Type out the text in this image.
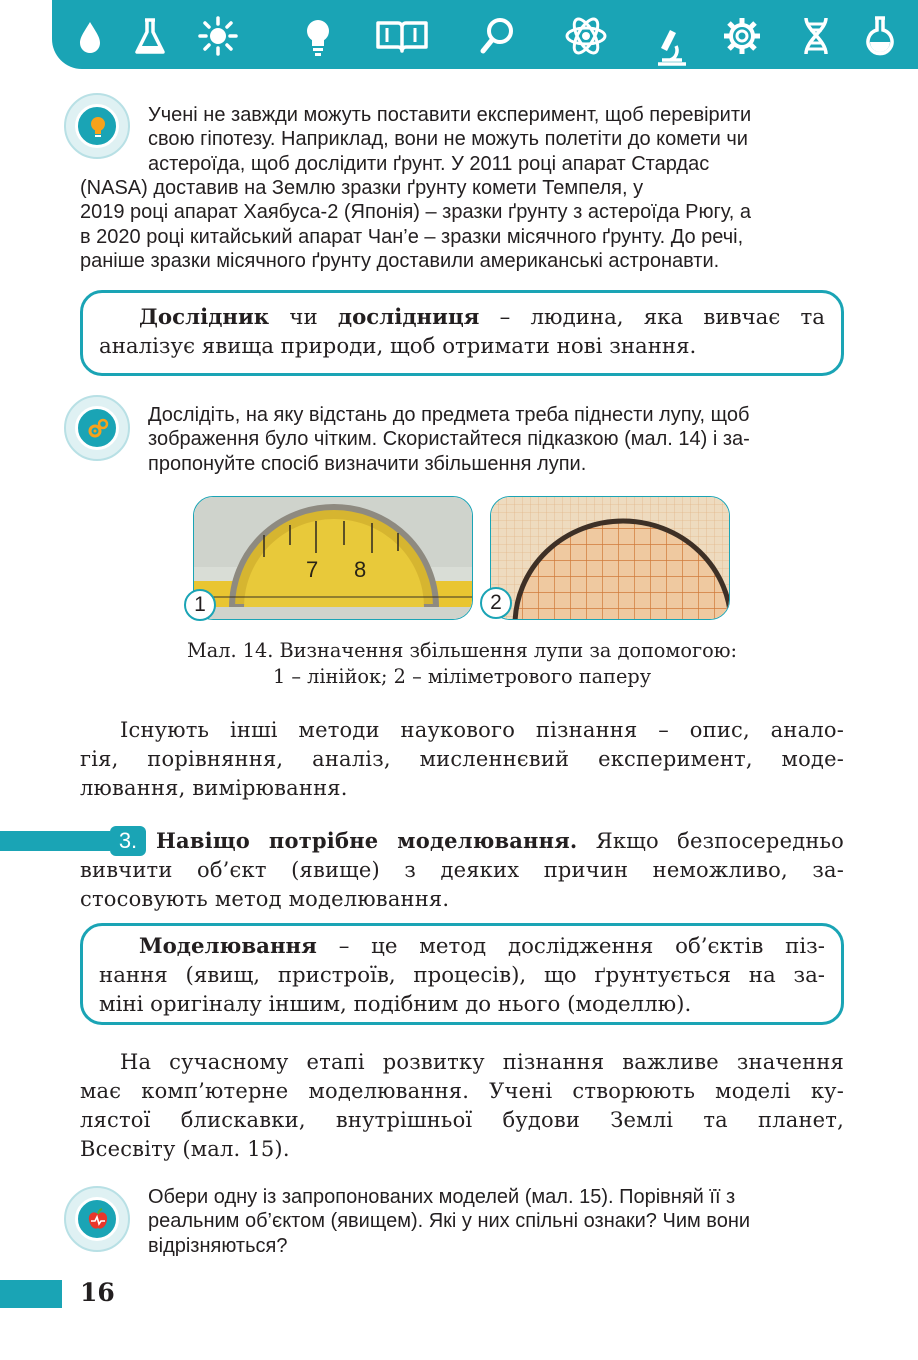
Учені не завжди можуть поставити експеримент, щоб перевірити

свою гіпотезу. Наприклад, вони не можуть полетіти до комети чи

астероїда, щоб дослідити ґрунт. У 2011 році апарат Стардас

(NASA) доставив на Землю зразки ґрунту комети Темпеля, у

2019 році апарат Хаябуса-2 (Японія) – зразки ґрунту з астероїда Рюгу, а

в 2020 році китайський апарат Чан’е – зразки місячного ґрунту. До речі,

раніше зразки місячного ґрунту доставили американські астронавти.

Дослідник чи дослідниця – людина, яка вивчає та
аналізує явища природи, щоб отримати нові знання.

Дослідіть, на яку відстань до предмета треба піднести лупу, щоб

зображення було чітким. Скористайтеся підказкою (мал. 14) і за-

пропонуйте спосіб визначити збільшення лупи.

7 8
1	2
Мал. 14. Визначення збільшення лупи за допомогою:
1 – лінійок; 2 – міліметрового паперу
Існують інші методи наукового пізнання – опис, анало-
гія, порівняння, аналіз, мисленнєвий експеримент, моде-
лювання, вимірювання.
3. Навіщо потрібне моделювання. Якщо безпосередньо
вивчити об’єкт (явище) з деяких причин неможливо, за-
стосовують метод моделювання.
Моделювання – це метод дослідження об’єктів піз-
нання (явищ, пристроїв, процесів), що ґрунтується на за-
міні оригіналу іншим, подібним до нього (моделлю).
На сучасному етапі розвитку пізнання важливе значення
має комп’ютерне моделювання. Учені створюють моделі ку-
лястої блискавки, внутрішньої будови Землі та планет,
Всесвіту (мал. 15).

Обери одну із запропонованих моделей (мал. 15). Порівняй її з

реальним об’єктом (явищем). Які у них спільні ознаки? Чим вони

відрізняються?

16
